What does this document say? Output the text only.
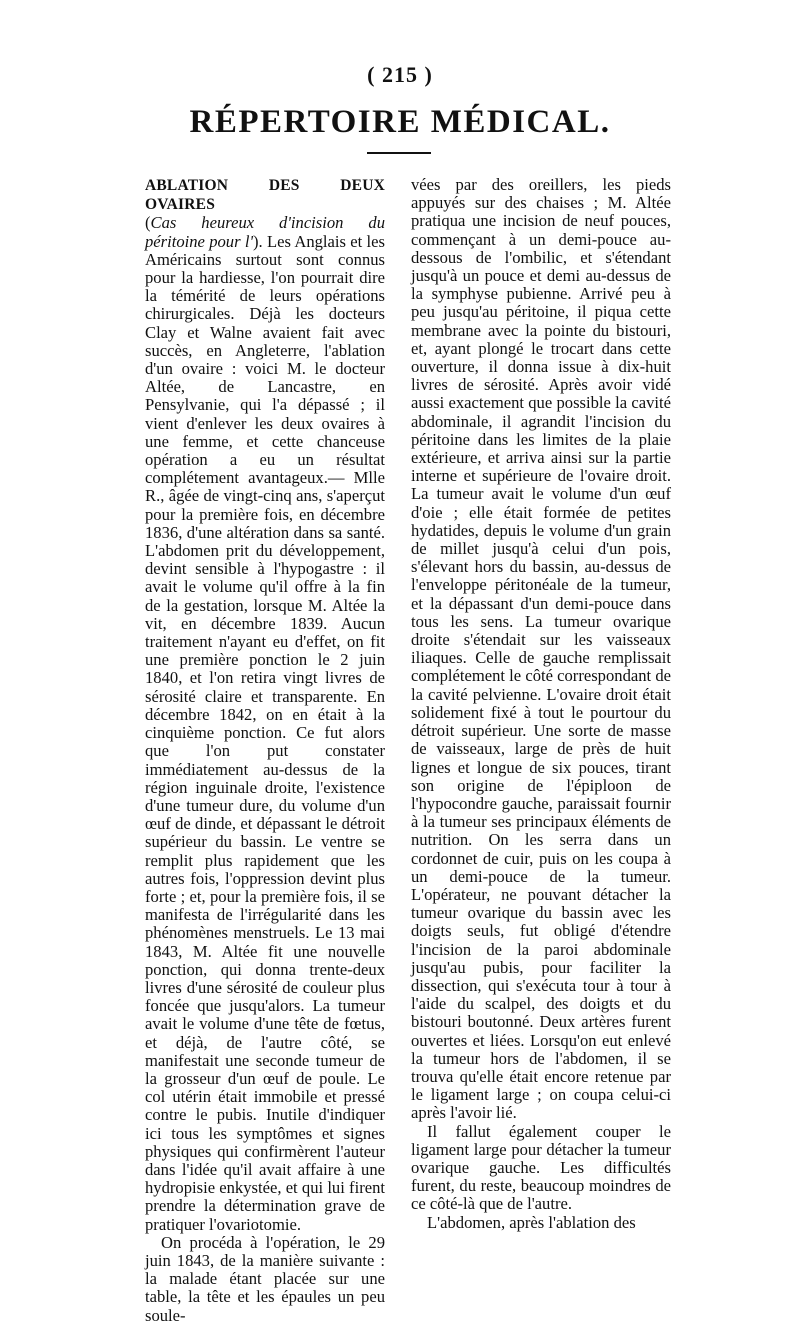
( 215 )
RÉPERTOIRE MÉDICAL.

ABLATION DES DEUX OVAIRES
(Cas heureux d'incision du péritoine pour l'). Les Anglais et les Américains surtout sont connus pour la hardiesse, l'on pourrait dire la témérité de leurs opérations chirurgicales. Déjà les docteurs Clay et Walne avaient fait avec succès, en Angleterre, l'ablation d'un ovaire : voici M. le docteur Altée, de Lancastre, en Pensylvanie, qui l'a dépassé ; il vient d'enlever les deux ovaires à une femme, et cette chanceuse opération a eu un résultat complétement avantageux.— Mlle R., âgée de vingt-cinq ans, s'aperçut pour la première fois, en décembre 1836, d'une altération dans sa santé. L'abdomen prit du développement, devint sensible à l'hypogastre : il avait le volume qu'il offre à la fin de la gestation, lorsque M. Altée la vit, en décembre 1839. Aucun traitement n'ayant eu d'effet, on fit une première ponction le 2 juin 1840, et l'on retira vingt livres de sérosité claire et transparente. En décembre 1842, on en était à la cinquième ponction. Ce fut alors que l'on put constater immédiatement au-dessus de la région inguinale droite, l'existence d'une tumeur dure, du volume d'un œuf de dinde, et dépassant le détroit supérieur du bassin. Le ventre se remplit plus rapidement que les autres fois, l'oppression devint plus forte ; et, pour la première fois, il se manifesta de l'irrégularité dans les phénomènes menstruels. Le 13 mai 1843, M. Altée fit une nouvelle ponction, qui donna trente-deux livres d'une sérosité de couleur plus foncée que jusqu'alors. La tumeur avait le volume d'une tête de fœtus, et déjà, de l'autre côté, se manifestait une seconde tumeur de la grosseur d'un œuf de poule. Le col utérin était immobile et pressé contre le pubis. Inutile d'indiquer ici tous les symptômes et signes physiques qui confirmèrent l'auteur dans l'idée qu'il avait affaire à une hydropisie enkystée, et qui lui firent prendre la détermination grave de pratiquer l'ovariotomie.

On procéda à l'opération, le 29 juin 1843, de la manière suivante : la malade étant placée sur une table, la tête et les épaules un peu soule-

vées par des oreillers, les pieds appuyés sur des chaises ; M. Altée pratiqua une incision de neuf pouces, commençant à un demi-pouce au-dessous de l'ombilic, et s'étendant jusqu'à un pouce et demi au-dessus de la symphyse pubienne. Arrivé peu à peu jusqu'au péritoine, il piqua cette membrane avec la pointe du bistouri, et, ayant plongé le trocart dans cette ouverture, il donna issue à dix-huit livres de sérosité. Après avoir vidé aussi exactement que possible la cavité abdominale, il agrandit l'incision du péritoine dans les limites de la plaie extérieure, et arriva ainsi sur la partie interne et supérieure de l'ovaire droit. La tumeur avait le volume d'un œuf d'oie ; elle était formée de petites hydatides, depuis le volume d'un grain de millet jusqu'à celui d'un pois, s'élevant hors du bassin, au-dessus de l'enveloppe péritonéale de la tumeur, et la dépassant d'un demi-pouce dans tous les sens. La tumeur ovarique droite s'étendait sur les vaisseaux iliaques. Celle de gauche remplissait complétement le côté correspondant de la cavité pelvienne. L'ovaire droit était solidement fixé à tout le pourtour du détroit supérieur. Une sorte de masse de vaisseaux, large de près de huit lignes et longue de six pouces, tirant son origine de l'épiploon de l'hypocondre gauche, paraissait fournir à la tumeur ses principaux éléments de nutrition. On les serra dans un cordonnet de cuir, puis on les coupa à un demi-pouce de la tumeur. L'opérateur, ne pouvant détacher la tumeur ovarique du bassin avec les doigts seuls, fut obligé d'étendre l'incision de la paroi abdominale jusqu'au pubis, pour faciliter la dissection, qui s'exécuta tour à tour à l'aide du scalpel, des doigts et du bistouri boutonné. Deux artères furent ouvertes et liées. Lorsqu'on eut enlevé la tumeur hors de l'abdomen, il se trouva qu'elle était encore retenue par le ligament large ; on coupa celui-ci après l'avoir lié.

Il fallut également couper le ligament large pour détacher la tumeur ovarique gauche. Les difficultés furent, du reste, beaucoup moindres de ce côté-là que de l'autre.

L'abdomen, après l'ablation des
